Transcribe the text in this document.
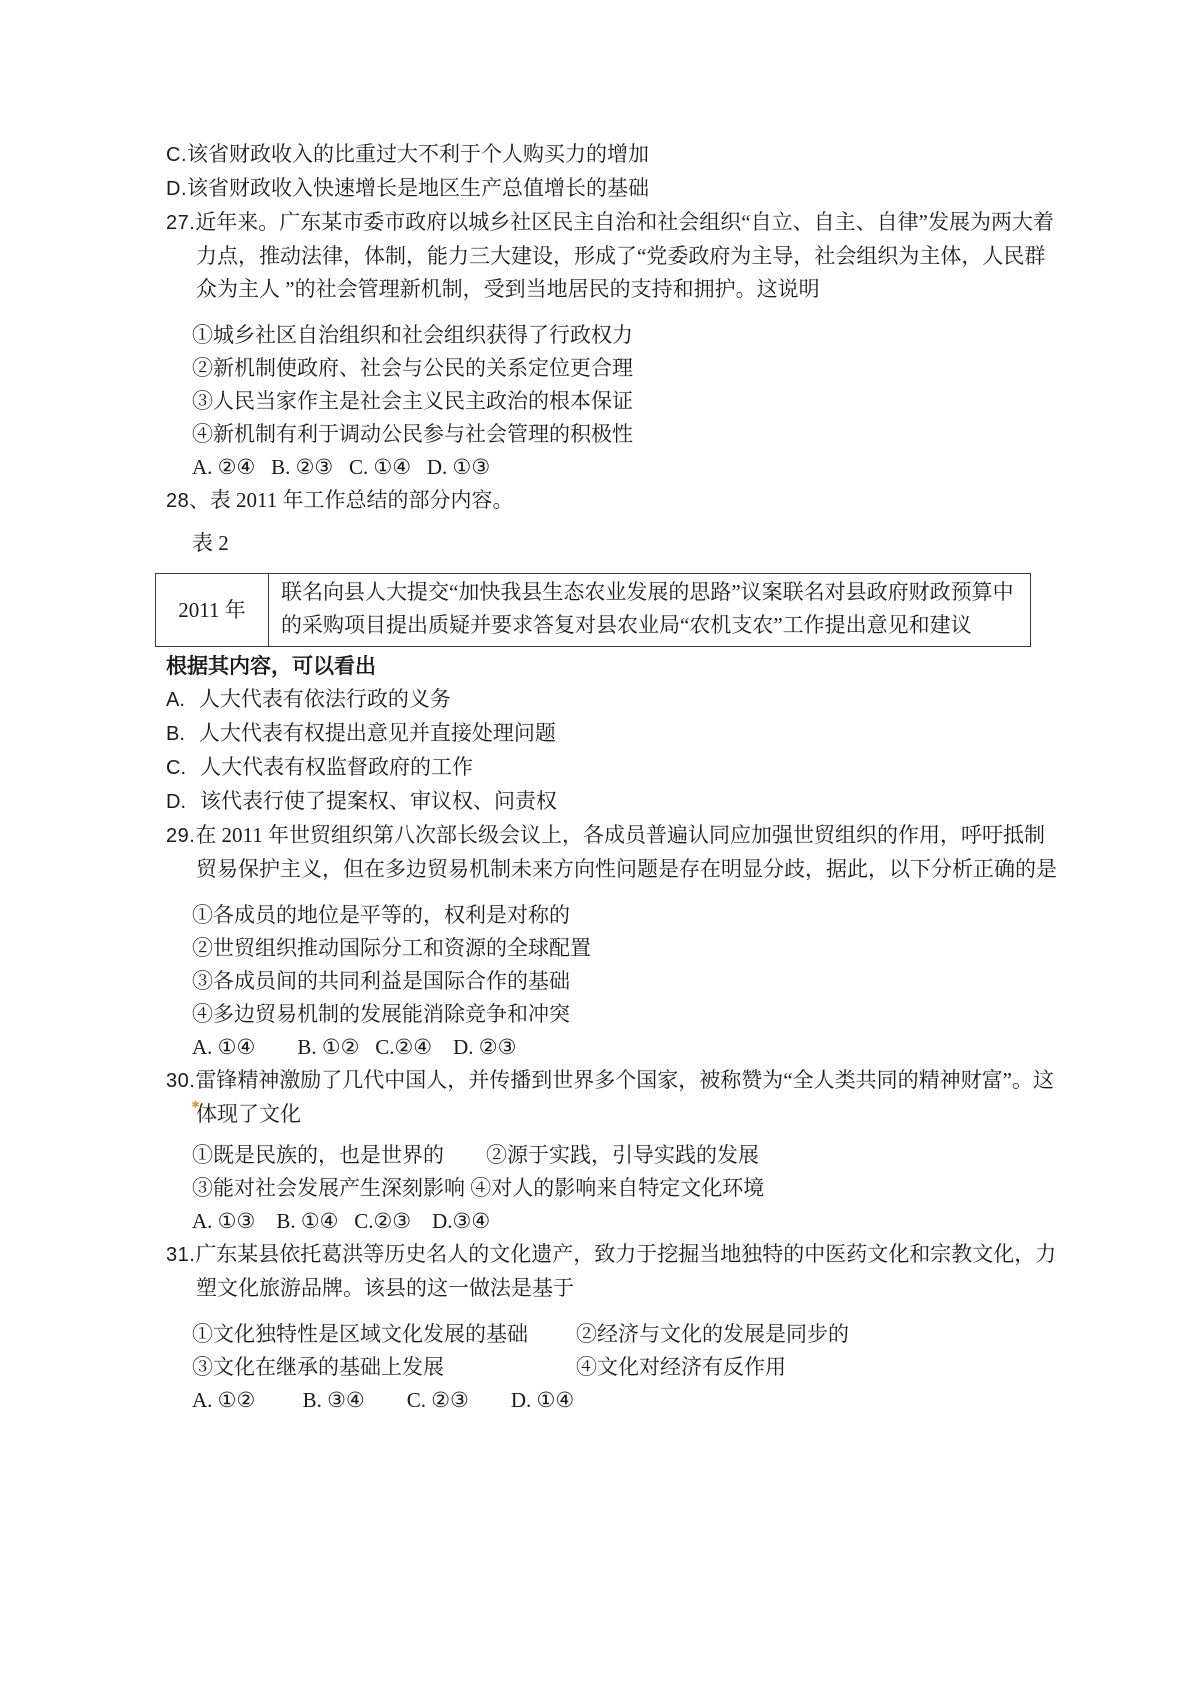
C.该省财政收入的比重过大不利于个人购买力的增加

D.该省财政收入快速增长是地区生产总值增长的基础

27.近年来。广东某市委市政府以城乡社区民主自治和社会组织“自立、自主、自律”发展为两大着力点，推动法律，体制，能力三大建设，形成了“党委政府为主导，社会组织为主体，人民群众为主人 ”的社会管理新机制，受到当地居民的支持和拥护。这说明

①城乡社区自治组织和社会组织获得了行政权力

②新机制使政府、社会与公民的关系定位更合理

③人民当家作主是社会主义民主政治的根本保证

④新机制有利于调动公民参与社会管理的积极性

A. ②④   B. ②③   C. ①④   D. ①③

28、表 2011 年工作总结的部分内容。

表 2

2011 年	联名向县人大提交“加快我县生态农业发展的思路”议案联名对县政府财政预算中的采购项目提出质疑并要求答复对县农业局“农机支农”工作提出意见和建议

根据其内容，可以看出

A. 人大代表有依法行政的义务

B. 人大代表有权提出意见并直接处理问题

C. 人大代表有权监督政府的工作

D. 该代表行使了提案权、审议权、问责权

29.在 2011 年世贸组织第八次部长级会议上，各成员普遍认同应加强世贸组织的作用，呼吁抵制贸易保护主义，但在多边贸易机制未来方向性问题是存在明显分歧，据此，以下分析正确的是

①各成员的地位是平等的，权利是对称的

②世贸组织推动国际分工和资源的全球配置

③各成员间的共同利益是国际合作的基础

④多边贸易机制的发展能消除竞争和冲突

A. ①④        B. ①②   C.②④    D. ②③

30.雷锋精神激励了几代中国人，并传播到世界多个国家，被称赞为“全人类共同的精神财富”。这体现了文化

①既是民族的，也是世界的　　②源于实践，引导实践的发展

③能对社会发展产生深刻影响 ④对人的影响来自特定文化环境

A. ①③    B. ①④   C.②③    D.③④

31.广东某县依托葛洪等历史名人的文化遗产，致力于挖掘当地独特的中医药文化和宗教文化，力塑文化旅游品牌。该县的这一做法是基于

①文化独特性是区域文化发展的基础 ②经济与文化的发展是同步的

③文化在继承的基础上发展	④文化对经济有反作用

A. ①②         B. ③④        C. ②③        D. ①④
